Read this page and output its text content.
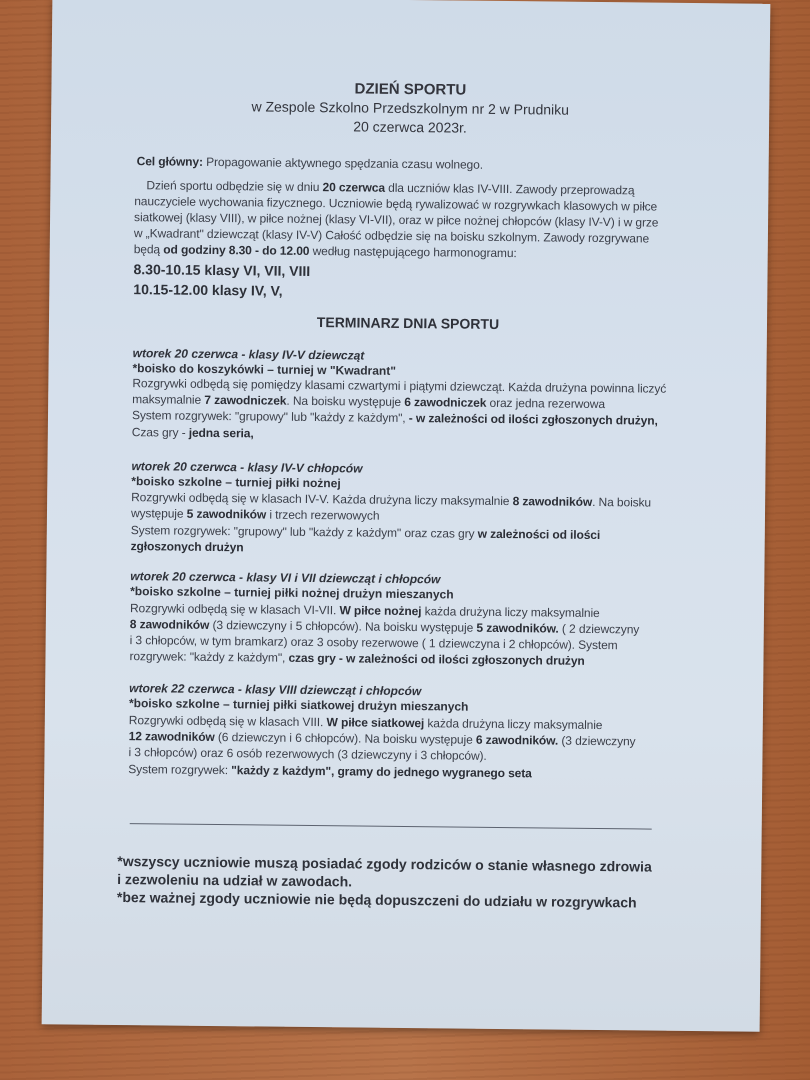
DZIEŃ SPORTU
w Zespole Szkolno Przedszkolnym nr 2 w Prudniku
20 czerwca 2023r.
Cel główny: Propagowanie aktywnego spędzania czasu wolnego.
Dzień sportu odbędzie się w dniu 20 czerwca dla uczniów klas IV-VIII. Zawody przeprowadzą
nauczyciele wychowania fizycznego. Uczniowie będą rywalizować w rozgrywkach klasowych w piłce
siatkowej (klasy VIII), w piłce nożnej (klasy VI-VII), oraz w piłce nożnej chłopców (klasy IV-V) i w grze
w „Kwadrant" dziewcząt (klasy IV-V) Całość odbędzie się na boisku szkolnym. Zawody rozgrywane
będą od godziny 8.30 - do 12.00 według następującego harmonogramu:
8.30-10.15 klasy VI, VII, VIII
10.15-12.00 klasy IV, V,
TERMINARZ DNIA SPORTU
wtorek 20 czerwca - klasy IV-V dziewcząt
*boisko do koszykówki – turniej w "Kwadrant"
Rozgrywki odbędą się pomiędzy klasami czwartymi i piątymi dziewcząt. Każda drużyna powinna liczyć
maksymalnie 7 zawodniczek. Na boisku występuje 6 zawodniczek oraz jedna rezerwowa
System rozgrywek: "grupowy" lub "każdy z każdym", - w zależności od ilości zgłoszonych drużyn,
Czas gry - jedna seria,
wtorek 20 czerwca - klasy IV-V chłopców
*boisko szkolne – turniej piłki nożnej
Rozgrywki odbędą się w klasach IV-V. Każda drużyna liczy maksymalnie 8 zawodników. Na boisku
występuje 5 zawodników i trzech rezerwowych
System rozgrywek: "grupowy" lub "każdy z każdym" oraz czas gry w zależności od ilości
zgłoszonych drużyn
wtorek 20 czerwca - klasy VI i VII dziewcząt i chłopców
*boisko szkolne – turniej piłki nożnej drużyn mieszanych
Rozgrywki odbędą się w klasach VI-VII. W piłce nożnej każda drużyna liczy maksymalnie
8 zawodników (3 dziewczyny i 5 chłopców). Na boisku występuje 5 zawodników. ( 2 dziewczyny
i 3 chłopców, w tym bramkarz) oraz 3 osoby rezerwowe ( 1 dziewczyna i 2 chłopców). System
rozgrywek: "każdy z każdym", czas gry - w zależności od ilości zgłoszonych drużyn
wtorek 22 czerwca - klasy VIII dziewcząt i chłopców
*boisko szkolne – turniej piłki siatkowej drużyn mieszanych
Rozgrywki odbędą się w klasach VIII. W piłce siatkowej każda drużyna liczy maksymalnie
12 zawodników (6 dziewczyn i 6 chłopców). Na boisku występuje 6 zawodników. (3 dziewczyny
i 3 chłopców) oraz 6 osób rezerwowych (3 dziewczyny i 3 chłopców).
System rozgrywek: "każdy z każdym", gramy do jednego wygranego seta
*wszyscy uczniowie muszą posiadać zgody rodziców o stanie własnego zdrowia
i zezwoleniu na udział w zawodach.
*bez ważnej zgody uczniowie nie będą dopuszczeni do udziału w rozgrywkach
